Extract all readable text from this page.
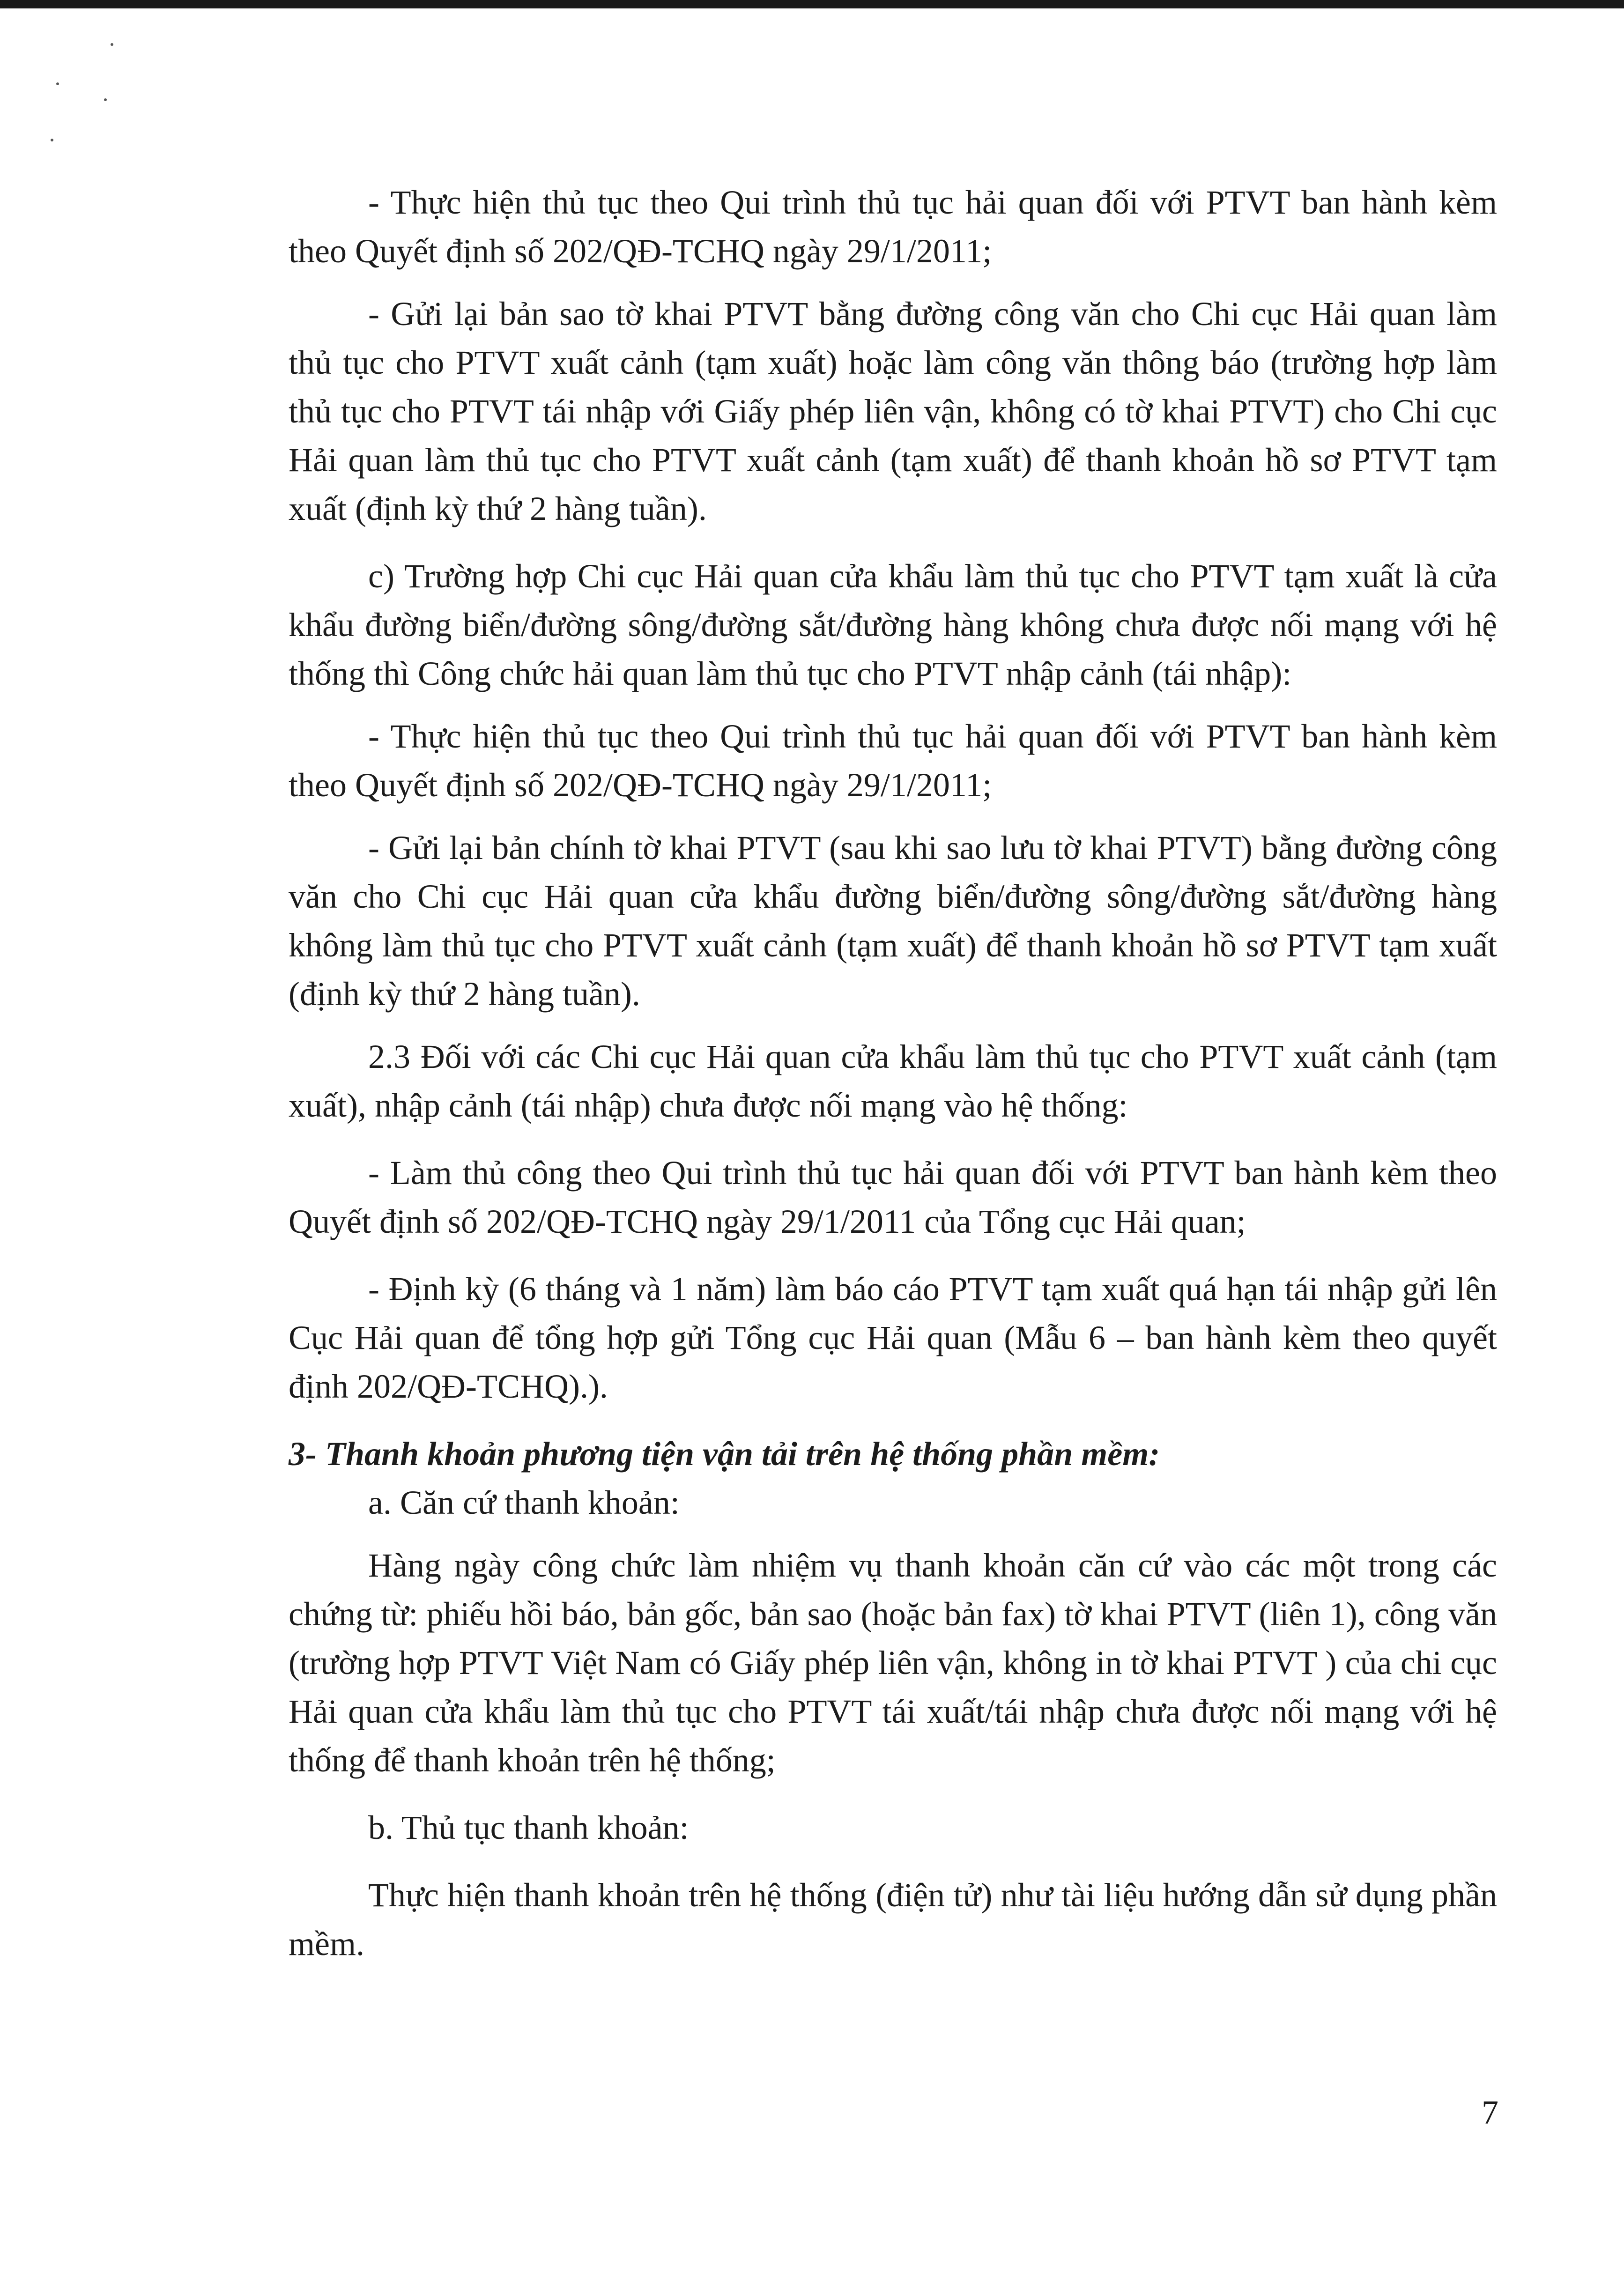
- Thực hiện thủ tục theo Qui trình thủ tục hải quan đối với PTVT ban hành kèm theo Quyết định số 202/QĐ-TCHQ ngày 29/1/2011;

- Gửi lại bản sao tờ khai PTVT bằng đường công văn cho Chi cục Hải quan làm thủ tục cho PTVT xuất cảnh (tạm xuất) hoặc làm công văn thông báo (trường hợp làm thủ tục cho PTVT tái nhập với Giấy phép liên vận, không có tờ khai PTVT) cho Chi cục Hải quan làm thủ tục cho PTVT xuất cảnh (tạm xuất) để thanh khoản hồ sơ PTVT tạm xuất (định kỳ thứ 2 hàng tuần).

c) Trường hợp Chi cục Hải quan cửa khẩu làm thủ tục cho PTVT tạm xuất là cửa khẩu đường biển/đường sông/đường sắt/đường hàng không chưa được nối mạng với hệ thống thì Công chức hải quan làm thủ tục cho PTVT nhập cảnh (tái nhập):

- Thực hiện thủ tục theo Qui trình thủ tục hải quan đối với PTVT ban hành kèm theo Quyết định số 202/QĐ-TCHQ ngày 29/1/2011;

- Gửi lại bản chính tờ khai PTVT (sau khi sao lưu tờ khai PTVT) bằng đường công văn cho Chi cục Hải quan cửa khẩu đường biển/đường sông/đường sắt/đường hàng không làm thủ tục cho PTVT xuất cảnh (tạm xuất) để thanh khoản hồ sơ PTVT tạm xuất (định kỳ thứ 2 hàng tuần).

2.3 Đối với các Chi cục Hải quan cửa khẩu làm thủ tục cho PTVT xuất cảnh (tạm xuất), nhập cảnh (tái nhập) chưa được nối mạng vào hệ thống:

- Làm thủ công theo Qui trình thủ tục hải quan đối với PTVT ban hành kèm theo Quyết định số 202/QĐ-TCHQ ngày 29/1/2011 của Tổng cục Hải quan;

- Định kỳ (6 tháng và 1 năm) làm báo cáo PTVT tạm xuất quá hạn tái nhập gửi lên Cục Hải quan để tổng hợp gửi Tổng cục Hải quan (Mẫu 6 – ban hành kèm theo quyết định 202/QĐ-TCHQ).).

3- Thanh khoản phương tiện vận tải trên hệ thống phần mềm:

a. Căn cứ thanh khoản:

Hàng ngày công chức làm nhiệm vụ thanh khoản căn cứ vào các một trong các chứng từ: phiếu hồi báo, bản gốc, bản sao (hoặc bản fax) tờ khai PTVT (liên 1), công văn (trường hợp PTVT Việt Nam có Giấy phép liên vận, không in tờ khai PTVT ) của chi cục Hải quan cửa khẩu làm thủ tục cho PTVT tái xuất/tái nhập chưa được nối mạng với hệ thống để thanh khoản trên hệ thống;

b. Thủ tục thanh khoản:

Thực hiện thanh khoản trên hệ thống (điện tử) như tài liệu hướng dẫn sử dụng phần mềm.

7
